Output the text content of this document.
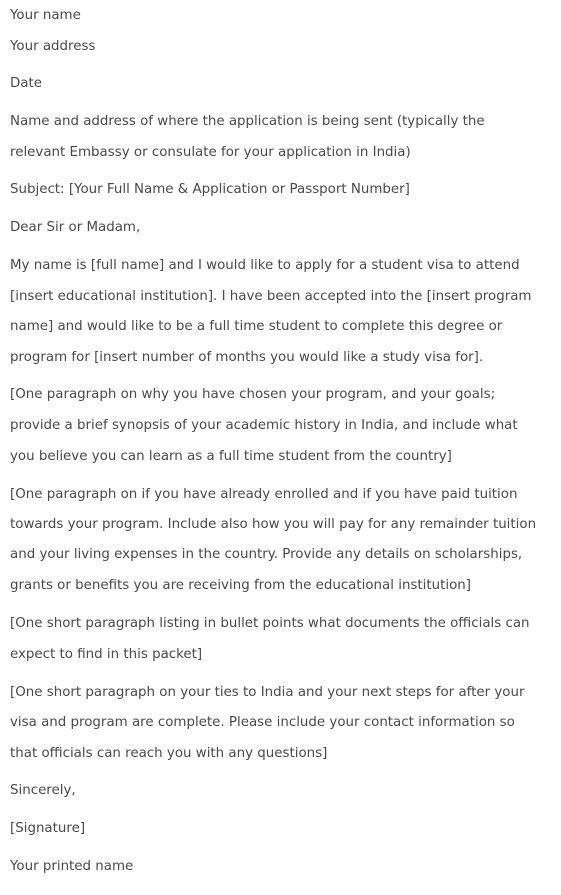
Your name
Your address
Date
Name and address of where the application is being sent (typically the
relevant Embassy or consulate for your application in India)
Subject: [Your Full Name & Application or Passport Number]
Dear Sir or Madam,
My name is [full name] and I would like to apply for a student visa to attend
[insert educational institution]. I have been accepted into the [insert program
name] and would like to be a full time student to complete this degree or
program for [insert number of months you would like a study visa for].
[One paragraph on why you have chosen your program, and your goals;
provide a brief synopsis of your academic history in India, and include what
you believe you can learn as a full time student from the country]
[One paragraph on if you have already enrolled and if you have paid tuition
towards your program. Include also how you will pay for any remainder tuition
and your living expenses in the country. Provide any details on scholarships,
grants or benefits you are receiving from the educational institution]
[One short paragraph listing in bullet points what documents the officials can
expect to find in this packet]
[One short paragraph on your ties to India and your next steps for after your
visa and program are complete. Please include your contact information so
that officials can reach you with any questions]
Sincerely,
[Signature]
Your printed name
